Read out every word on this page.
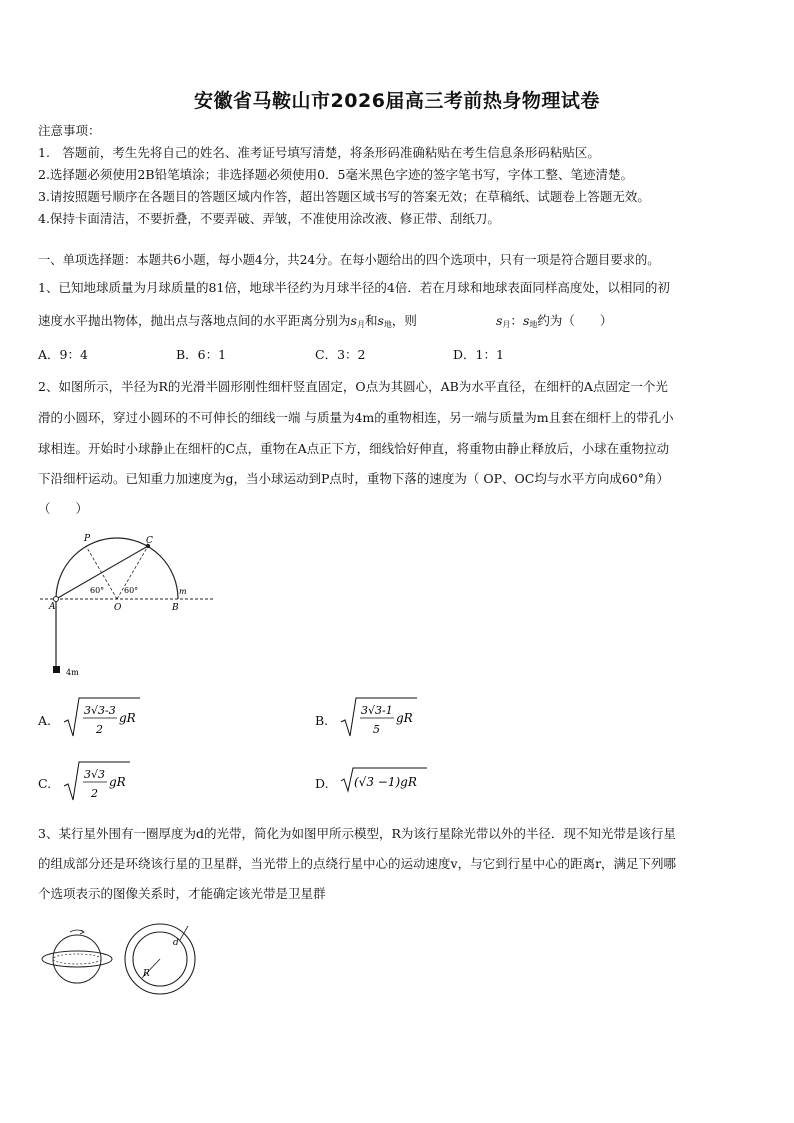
安徽省马鞍山市2026届高三考前热身物理试卷
注意事项：
1.　答题前，考生先将自己的姓名、准考证号填写清楚，将条形码准确粘贴在考生信息条形码粘贴区。
2.选择题必须使用2B铅笔填涂；非选择题必须使用0．5毫米黑色字迹的签字笔书写，字体工整、笔迹清楚。
3.请按照题号顺序在各题目的答题区域内作答，超出答题区域书写的答案无效；在草稿纸、试题卷上答题无效。
4.保持卡面清洁，不要折叠，不要弄破、弄皱，不准使用涂改液、修正带、刮纸刀。
一、单项选择题：本题共6小题，每小题4分，共24分。在每小题给出的四个选项中，只有一项是符合题目要求的。
1、已知地球质量为月球质量的81倍，地球半径约为月球半径的4倍．若在月球和地球表面同样高度处，以相同的初
速度水平抛出物体，抛出点与落地点间的水平距离分别为$s_月$和$s_地$，则	$s_月$：$s_地$约为（　　）
A．9：4	B．6：1	C．3：2	D．1：1
2、如图所示，半径为R的光滑半圆形刚性细杆竖直固定，O点为其圆心，AB为水平直径，在细杆的A点固定一个光
滑的小圆环，穿过小圆环的不可伸长的细线一端 与质量为4m的重物相连，另一端与质量为m且套在细杆上的带孔小
球相连。开始时小球静止在细杆的C点，重物在A点正下方，细线恰好伸直，将重物由静止释放后，小球在重物拉动
下沿细杆运动。已知重力加速度为g，当小球运动到P点时，重物下落的速度为（ OP、OC均与水平方向成60°角）
（　　）
P	C
A	O	B
m
60° 60°
4m
A.
3√3-3
2
gR	B.
3√3-1
5
gR
C.
3√3
2
gR	D. (√3 −1)gR
3、某行星外围有一圈厚度为d的光带，简化为如图甲所示模型，R为该行星除光带以外的半径．现不知光带是该行星
的组成部分还是环绕该行星的卫星群，当光带上的点绕行星中心的运动速度v，与它到行星中心的距离r，满足下列哪
个选项表示的图像关系时，才能确定该光带是卫星群
R
d
